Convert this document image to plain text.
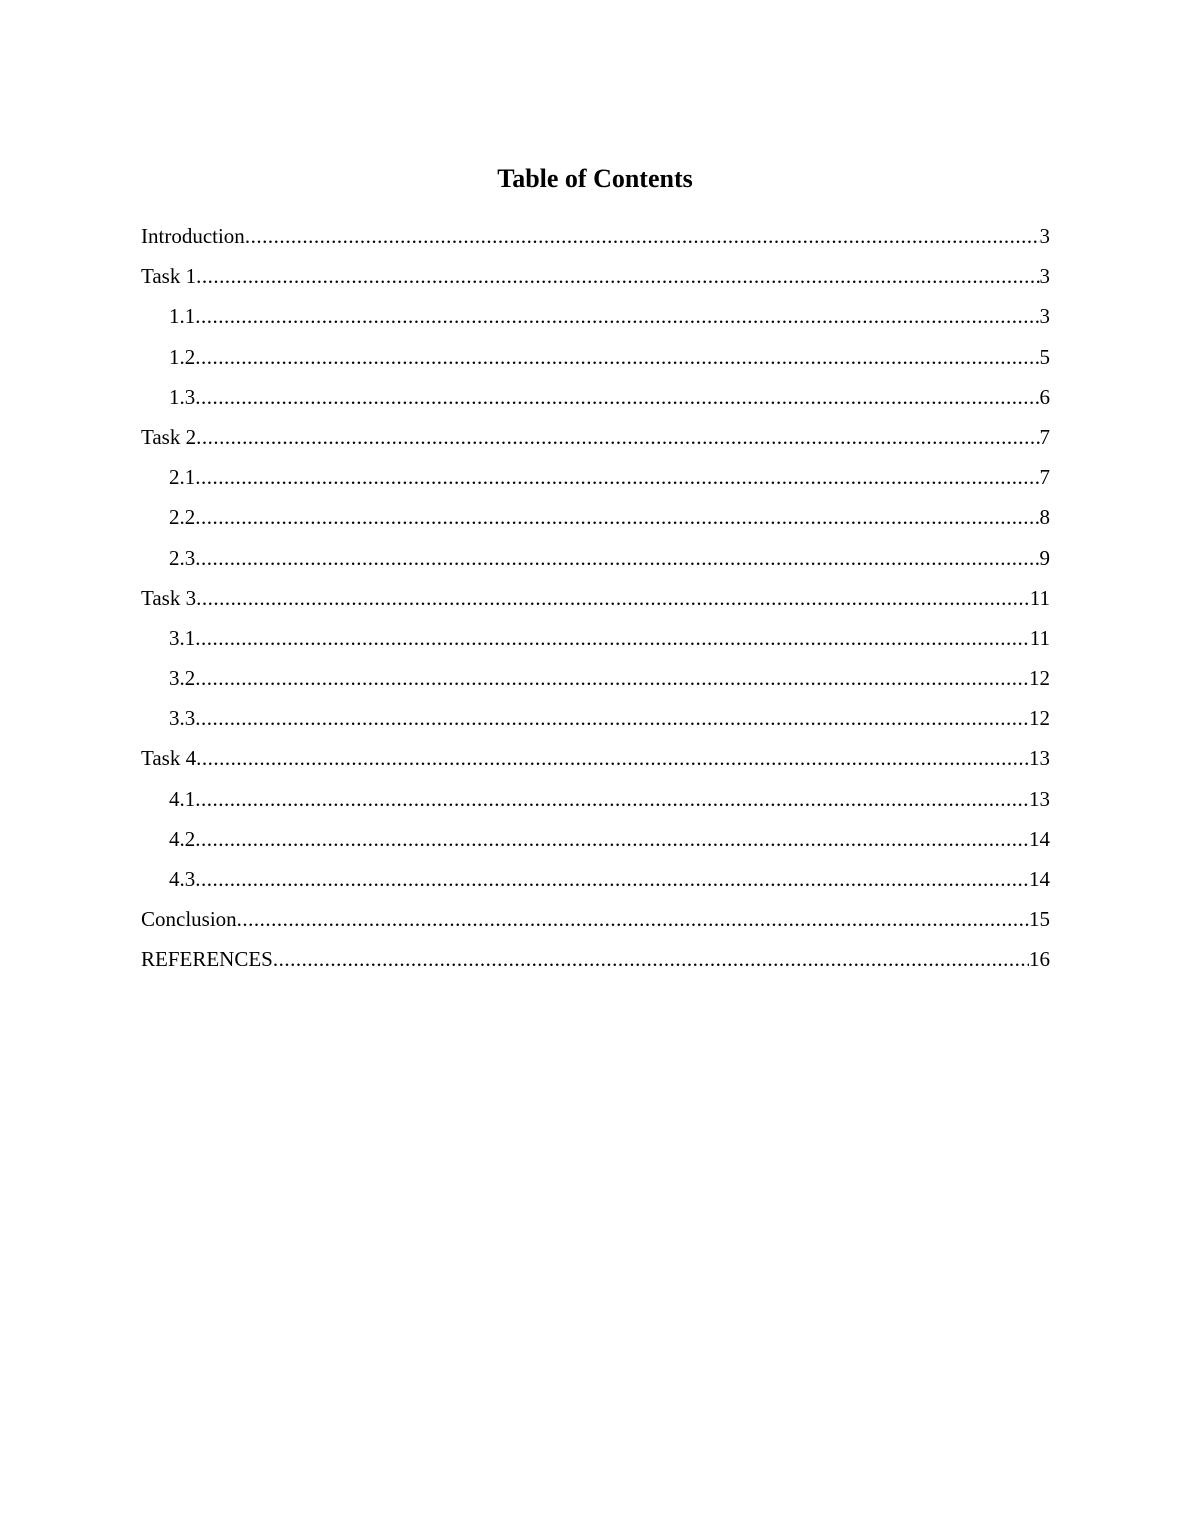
Table of Contents
Introduction .....	3
Task 1 .....	3
1.1 .....	3
1.2 .....	5
1.3 .....	6
Task 2 .....	7
2.1 .....	7
2.2 .....	8
2.3 .....	9
Task 3 .....	11
3.1 .....	11
3.2 .....	12
3.3 .....	12
Task 4 .....	13
4.1 .....	13
4.2 .....	14
4.3 .....	14
Conclusion .....	15
REFERENCES .....	16
